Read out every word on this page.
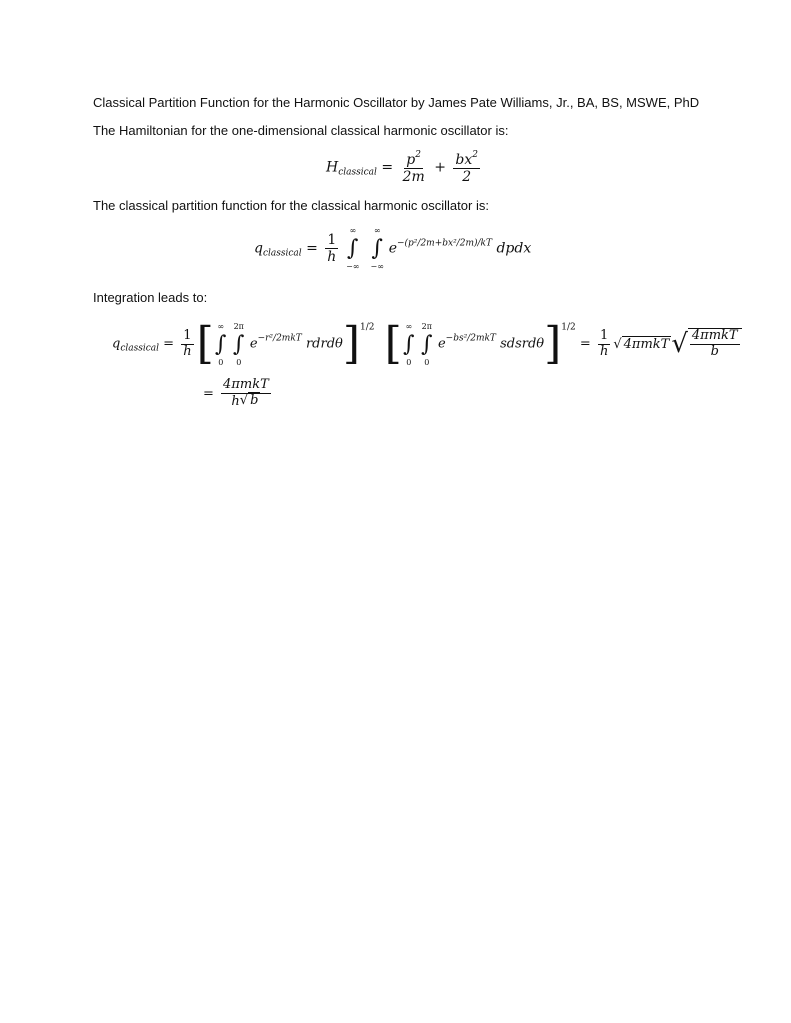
Classical Partition Function for the Harmonic Oscillator by James Pate Williams, Jr., BA, BS, MSWE, PhD
The Hamiltonian for the one-dimensional classical harmonic oscillator is:
$H_{classical} = \frac{p^2}{2m} + \frac{bx^2}{2}$
The classical partition function for the classical harmonic oscillator is:
$q_{classical} = \frac{1}{h}$ ∫
∞
−∞
∫
∞
−∞
$e^{-(p^2/2m+bx^2/2m)/kT}$ dpdx
Integration leads to:
$q_{classical} = \frac{1}{h}$ [∫
∞
0
∫
2π
0
$e^{-r^2/2mkT}$ rdrdθ]$^{1/2}$ [∫
∞
0
∫
2π
0
$e^{-bs^2/2mkT}$ sdsrdθ]$^{1/2}$ = $\frac{1}{h}$ √ $4\pi mkT√ \frac{\text{4πmkT}}{b}$
= $\frac{\text{4πmkT}}{h√ b}$
